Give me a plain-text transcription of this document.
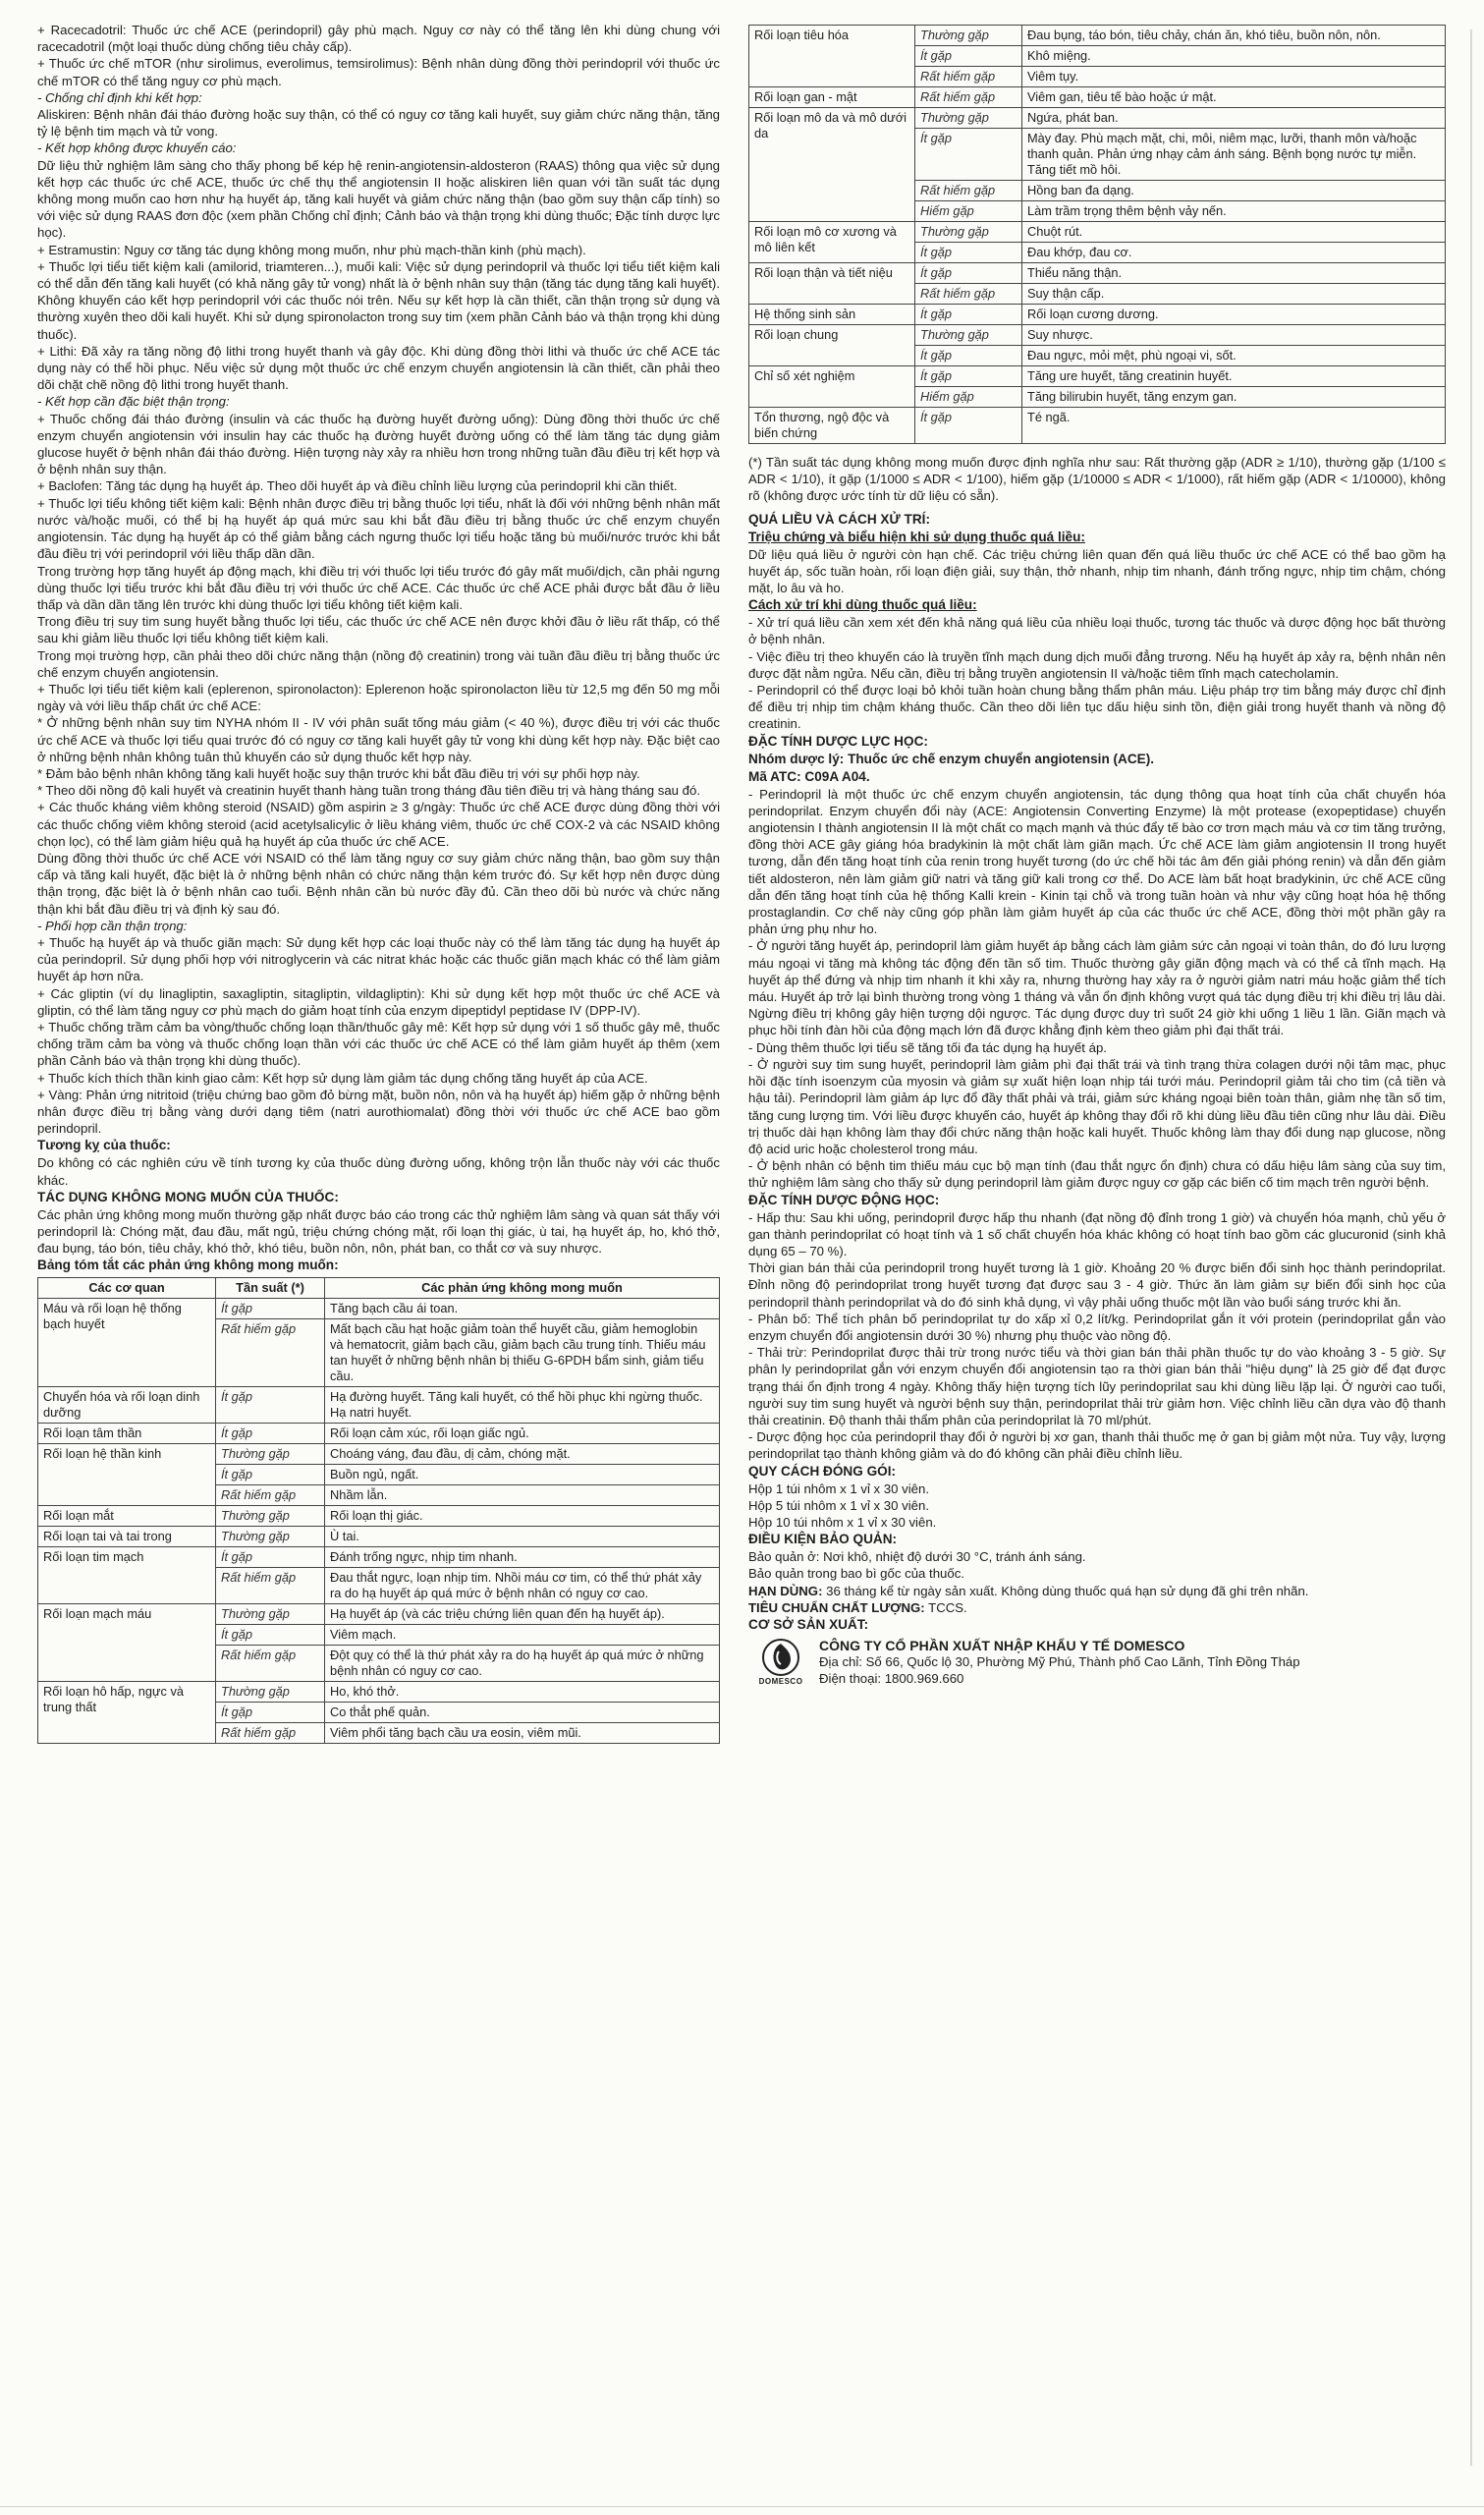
+ Racecadotril: Thuốc ức chế ACE (perindopril) gây phù mạch. Nguy cơ này có thể tăng lên khi dùng chung với racecadotril (một loại thuốc dùng chống tiêu chảy cấp).

+ Thuốc ức chế mTOR (như sirolimus, everolimus, temsirolimus): Bệnh nhân dùng đồng thời perindopril với thuốc ức chế mTOR có thể tăng nguy cơ phù mạch.

- Chống chỉ định khi kết hợp:

Aliskiren: Bệnh nhân đái tháo đường hoặc suy thận, có thể có nguy cơ tăng kali huyết, suy giảm chức năng thận, tăng tỷ lệ bệnh tim mạch và tử vong.

- Kết hợp không được khuyến cáo:

Dữ liệu thử nghiệm lâm sàng cho thấy phong bế kép hệ renin-angiotensin-aldosteron (RAAS) thông qua việc sử dụng kết hợp các thuốc ức chế ACE, thuốc ức chế thụ thể angiotensin II hoặc aliskiren liên quan với tần suất tác dụng không mong muốn cao hơn như hạ huyết áp, tăng kali huyết và giảm chức năng thận (bao gồm suy thận cấp tính) so với việc sử dụng RAAS đơn độc (xem phần Chống chỉ định; Cảnh báo và thận trọng khi dùng thuốc; Đặc tính dược lực học).

+ Estramustin: Nguy cơ tăng tác dụng không mong muốn, như phù mạch-thần kinh (phù mạch).

+ Thuốc lợi tiểu tiết kiệm kali (amilorid, triamteren...), muối kali: Việc sử dụng perindopril và thuốc lợi tiểu tiết kiệm kali có thể dẫn đến tăng kali huyết (có khả năng gây tử vong) nhất là ở bệnh nhân suy thận (tăng tác dụng tăng kali huyết). Không khuyến cáo kết hợp perindopril với các thuốc nói trên. Nếu sự kết hợp là cần thiết, cần thận trọng sử dụng và thường xuyên theo dõi kali huyết. Khi sử dụng spironolacton trong suy tim (xem phần Cảnh báo và thận trọng khi dùng thuốc).

+ Lithi: Đã xảy ra tăng nồng độ lithi trong huyết thanh và gây độc. Khi dùng đồng thời lithi và thuốc ức chế ACE tác dụng này có thể hồi phục. Nếu việc sử dụng một thuốc ức chế enzym chuyển angiotensin là cần thiết, cần phải theo dõi chặt chẽ nồng độ lithi trong huyết thanh.

- Kết hợp cần đặc biệt thận trọng:

+ Thuốc chống đái tháo đường (insulin và các thuốc hạ đường huyết đường uống): Dùng đồng thời thuốc ức chế enzym chuyển angiotensin với insulin hay các thuốc hạ đường huyết đường uống có thể làm tăng tác dụng giảm glucose huyết ở bệnh nhân đái tháo đường. Hiện tượng này xảy ra nhiều hơn trong những tuần đầu điều trị kết hợp và ở bệnh nhân suy thận.

+ Baclofen: Tăng tác dụng hạ huyết áp. Theo dõi huyết áp và điều chỉnh liều lượng của perindopril khi cần thiết.

+ Thuốc lợi tiểu không tiết kiệm kali: Bệnh nhân được điều trị bằng thuốc lợi tiểu, nhất là đối với những bệnh nhân mất nước và/hoặc muối, có thể bị hạ huyết áp quá mức sau khi bắt đầu điều trị bằng thuốc ức chế enzym chuyển angiotensin. Tác dụng hạ huyết áp có thể giảm bằng cách ngưng thuốc lợi tiểu hoặc tăng bù muối/nước trước khi bắt đầu điều trị với perindopril với liều thấp dần dần.

Trong trường hợp tăng huyết áp động mạch, khi điều trị với thuốc lợi tiểu trước đó gây mất muối/dịch, cần phải ngưng dùng thuốc lợi tiểu trước khi bắt đầu điều trị với thuốc ức chế ACE. Các thuốc ức chế ACE phải được bắt đầu ở liều thấp và dần dần tăng lên trước khi dùng thuốc lợi tiểu không tiết kiệm kali.

Trong điều trị suy tim sung huyết bằng thuốc lợi tiểu, các thuốc ức chế ACE nên được khởi đầu ở liều rất thấp, có thể sau khi giảm liều thuốc lợi tiểu không tiết kiệm kali.

Trong mọi trường hợp, cần phải theo dõi chức năng thận (nồng độ creatinin) trong vài tuần đầu điều trị bằng thuốc ức chế enzym chuyển angiotensin.

+ Thuốc lợi tiểu tiết kiệm kali (eplerenon, spironolacton): Eplerenon hoặc spironolacton liều từ 12,5 mg đến 50 mg mỗi ngày và với liều thấp chất ức chế ACE:

* Ở những bệnh nhân suy tim NYHA nhóm II - IV với phân suất tống máu giảm (< 40 %), được điều trị với các thuốc ức chế ACE và thuốc lợi tiểu quai trước đó có nguy cơ tăng kali huyết gây tử vong khi dùng kết hợp này. Đặc biệt cao ở những bệnh nhân không tuân thủ khuyến cáo sử dụng thuốc kết hợp này.

* Đảm bảo bệnh nhân không tăng kali huyết hoặc suy thận trước khi bắt đầu điều trị với sự phối hợp này.

* Theo dõi nồng độ kali huyết và creatinin huyết thanh hàng tuần trong tháng đầu tiên điều trị và hàng tháng sau đó.

+ Các thuốc kháng viêm không steroid (NSAID) gồm aspirin ≥ 3 g/ngày: Thuốc ức chế ACE được dùng đồng thời với các thuốc chống viêm không steroid (acid acetylsalicylic ở liều kháng viêm, thuốc ức chế COX-2 và các NSAID không chọn lọc), có thể làm giảm hiệu quả hạ huyết áp của thuốc ức chế ACE.

Dùng đồng thời thuốc ức chế ACE với NSAID có thể làm tăng nguy cơ suy giảm chức năng thận, bao gồm suy thận cấp và tăng kali huyết, đặc biệt là ở những bệnh nhân có chức năng thận kém trước đó. Sự kết hợp nên được dùng thận trọng, đặc biệt là ở bệnh nhân cao tuổi. Bệnh nhân cần bù nước đầy đủ. Cần theo dõi bù nước và chức năng thận khi bắt đầu điều trị và định kỳ sau đó.

- Phối hợp cần thận trọng:

+ Thuốc hạ huyết áp và thuốc giãn mạch: Sử dụng kết hợp các loại thuốc này có thể làm tăng tác dụng hạ huyết áp của perindopril. Sử dụng phối hợp với nitroglycerin và các nitrat khác hoặc các thuốc giãn mạch khác có thể làm giảm huyết áp hơn nữa.

+ Các gliptin (ví dụ linagliptin, saxagliptin, sitagliptin, vildagliptin): Khi sử dụng kết hợp một thuốc ức chế ACE và gliptin, có thể làm tăng nguy cơ phù mạch do giảm hoạt tính của enzym dipeptidyl peptidase IV (DPP-IV).

+ Thuốc chống trầm cảm ba vòng/thuốc chống loạn thần/thuốc gây mê: Kết hợp sử dụng với 1 số thuốc gây mê, thuốc chống trầm cảm ba vòng và thuốc chống loạn thần với các thuốc ức chế ACE có thể làm giảm huyết áp thêm (xem phần Cảnh báo và thận trọng khi dùng thuốc).

+ Thuốc kích thích thần kinh giao cảm: Kết hợp sử dụng làm giảm tác dụng chống tăng huyết áp của ACE.

+ Vàng: Phản ứng nitritoid (triệu chứng bao gồm đỏ bừng mặt, buồn nôn, nôn và hạ huyết áp) hiếm gặp ở những bệnh nhân được điều trị bằng vàng dưới dạng tiêm (natri aurothiomalat) đồng thời với thuốc ức chế ACE bao gồm perindopril.

Tương kỵ của thuốc:

Do không có các nghiên cứu về tính tương kỵ của thuốc dùng đường uống, không trộn lẫn thuốc này với các thuốc khác.

TÁC DỤNG KHÔNG MONG MUỐN CỦA THUỐC:

Các phản ứng không mong muốn thường gặp nhất được báo cáo trong các thử nghiệm lâm sàng và quan sát thấy với perindopril là: Chóng mặt, đau đầu, mất ngủ, triệu chứng chóng mặt, rối loạn thị giác, ù tai, hạ huyết áp, ho, khó thở, đau bụng, táo bón, tiêu chảy, khó thở, khó tiêu, buồn nôn, nôn, phát ban, co thắt cơ và suy nhược.

Bảng tóm tắt các phản ứng không mong muốn:

Các cơ quan	Tần suất (*)	Các phản ứng không mong muốn
Máu và rối loạn hệ thống bạch huyết	Ít gặp	Tăng bạch cầu ái toan.
	Rất hiếm gặp	Mất bạch cầu hạt hoặc giảm toàn thể huyết cầu, giảm hemoglobin và hematocrit, giảm bạch cầu, giảm bạch cầu trung tính. Thiếu máu tan huyết ở những bệnh nhân bị thiếu G-6PDH bẩm sinh, giảm tiểu cầu.
Chuyển hóa và rối loạn dinh dưỡng	Ít gặp	Hạ đường huyết. Tăng kali huyết, có thể hồi phục khi ngừng thuốc. Hạ natri huyết.
Rối loạn tâm thần	Ít gặp	Rối loạn cảm xúc, rối loạn giấc ngủ.
Rối loạn hệ thần kinh	Thường gặp	Choáng váng, đau đầu, dị cảm, chóng mặt.
	Ít gặp	Buồn ngủ, ngất.
	Rất hiếm gặp	Nhầm lẫn.
Rối loạn mắt	Thường gặp	Rối loạn thị giác.
Rối loạn tai và tai trong	Thường gặp	Ù tai.
Rối loạn tim mạch	Ít gặp	Đánh trống ngực, nhịp tim nhanh.
	Rất hiếm gặp	Đau thắt ngực, loạn nhịp tim. Nhồi máu cơ tim, có thể thứ phát xảy ra do hạ huyết áp quá mức ở bệnh nhân có nguy cơ cao.
Rối loạn mạch máu	Thường gặp	Hạ huyết áp (và các triệu chứng liên quan đến hạ huyết áp).
	Ít gặp	Viêm mạch.
	Rất hiếm gặp	Đột quỵ có thể là thứ phát xảy ra do hạ huyết áp quá mức ở những bệnh nhân có nguy cơ cao.
Rối loạn hô hấp, ngực và trung thất	Thường gặp	Ho, khó thở.
	Ít gặp	Co thắt phế quản.
	Rất hiếm gặp	Viêm phổi tăng bạch cầu ưa eosin, viêm mũi.
Rối loạn tiêu hóa	Thường gặp	Đau bụng, táo bón, tiêu chảy, chán ăn, khó tiêu, buồn nôn, nôn.
	Ít gặp	Khô miệng.
	Rất hiếm gặp	Viêm tụy.
Rối loạn gan - mật	Rất hiếm gặp	Viêm gan, tiêu tế bào hoặc ứ mật.
Rối loạn mô da và mô dưới da	Thường gặp	Ngứa, phát ban.
	Ít gặp	Mày đay. Phù mạch mặt, chi, môi, niêm mạc, lưỡi, thanh môn và/hoặc thanh quản. Phản ứng nhạy cảm ánh sáng. Bệnh bọng nước tự miễn. Tăng tiết mồ hôi.
	Rất hiếm gặp	Hồng ban đa dạng.
	Hiếm gặp	Làm trầm trọng thêm bệnh vảy nến.
Rối loạn mô cơ xương và mô liên kết	Thường gặp	Chuột rút.
	Ít gặp	Đau khớp, đau cơ.
Rối loạn thận và tiết niệu	Ít gặp	Thiểu năng thận.
	Rất hiếm gặp	Suy thận cấp.
Hệ thống sinh sản	Ít gặp	Rối loạn cương dương.
Rối loạn chung	Thường gặp	Suy nhược.
	Ít gặp	Đau ngực, mỏi mệt, phù ngoại vi, sốt.
Chỉ số xét nghiệm	Ít gặp	Tăng ure huyết, tăng creatinin huyết.
	Hiếm gặp	Tăng bilirubin huyết, tăng enzym gan.
Tổn thương, ngộ độc và biến chứng	Ít gặp	Té ngã.

(*) Tần suất tác dụng không mong muốn được định nghĩa như sau: Rất thường gặp (ADR ≥ 1/10), thường gặp (1/100 ≤ ADR < 1/10), ít gặp (1/1000 ≤ ADR < 1/100), hiếm gặp (1/10000 ≤ ADR < 1/1000), rất hiếm gặp (ADR < 1/10000), không rõ (không được ước tính từ dữ liệu có sẵn).

QUÁ LIỀU VÀ CÁCH XỬ TRÍ:

Triệu chứng và biểu hiện khi sử dụng thuốc quá liều:

Dữ liệu quá liều ở người còn hạn chế. Các triệu chứng liên quan đến quá liều thuốc ức chế ACE có thể bao gồm hạ huyết áp, sốc tuần hoàn, rối loạn điện giải, suy thận, thở nhanh, nhịp tim nhanh, đánh trống ngực, nhịp tim chậm, chóng mặt, lo âu và ho.

Cách xử trí khi dùng thuốc quá liều:

- Xử trí quá liều cần xem xét đến khả năng quá liều của nhiều loại thuốc, tương tác thuốc và dược động học bất thường ở bệnh nhân.

- Việc điều trị theo khuyến cáo là truyền tĩnh mạch dung dịch muối đẳng trương. Nếu hạ huyết áp xảy ra, bệnh nhân nên được đặt nằm ngửa. Nếu cần, điều trị bằng truyền angiotensin II và/hoặc tiêm tĩnh mạch catecholamin.

- Perindopril có thể được loại bỏ khỏi tuần hoàn chung bằng thẩm phân máu. Liệu pháp trợ tim bằng máy được chỉ định để điều trị nhịp tim chậm kháng thuốc. Cần theo dõi liên tục dấu hiệu sinh tồn, điện giải trong huyết thanh và nồng độ creatinin.

ĐẶC TÍNH DƯỢC LỰC HỌC:

Nhóm dược lý: Thuốc ức chế enzym chuyển angiotensin (ACE).

Mã ATC: C09A A04.

- Perindopril là một thuốc ức chế enzym chuyển angiotensin, tác dụng thông qua hoạt tính của chất chuyển hóa perindoprilat. Enzym chuyển đổi này (ACE: Angiotensin Converting Enzyme) là một protease (exopeptidase) chuyển angiotensin I thành angiotensin II là một chất co mạch mạnh và thúc đẩy tế bào cơ trơn mạch máu và cơ tim tăng trưởng, đồng thời ACE gây giáng hóa bradykinin là một chất làm giãn mạch. Ức chế ACE làm giảm angiotensin II trong huyết tương, dẫn đến tăng hoạt tính của renin trong huyết tương (do ức chế hồi tác âm đến giải phóng renin) và dẫn đến giảm tiết aldosteron, nên làm giảm giữ natri và tăng giữ kali trong cơ thể. Do ACE làm bất hoạt bradykinin, ức chế ACE cũng dẫn đến tăng hoạt tính của hệ thống Kalli krein - Kinin tại chỗ và trong tuần hoàn và như vậy cũng hoạt hóa hệ thống prostaglandin. Cơ chế này cũng góp phần làm giảm huyết áp của các thuốc ức chế ACE, đồng thời một phần gây ra phản ứng phụ như ho.

- Ở người tăng huyết áp, perindopril làm giảm huyết áp bằng cách làm giảm sức cản ngoại vi toàn thân, do đó lưu lượng máu ngoại vi tăng mà không tác động đến tần số tim. Thuốc thường gây giãn động mạch và có thể cả tĩnh mạch. Hạ huyết áp thể đứng và nhịp tim nhanh ít khi xảy ra, nhưng thường hay xảy ra ở người giảm natri máu hoặc giảm thể tích máu. Huyết áp trở lại bình thường trong vòng 1 tháng và vẫn ổn định không vượt quá tác dụng điều trị khi điều trị lâu dài. Ngừng điều trị không gây hiện tượng dội ngược. Tác dụng được duy trì suốt 24 giờ khi uống 1 liều 1 lần. Giãn mạch và phục hồi tính đàn hồi của động mạch lớn đã được khẳng định kèm theo giảm phì đại thất trái.

- Dùng thêm thuốc lợi tiểu sẽ tăng tối đa tác dụng hạ huyết áp.

- Ở người suy tim sung huyết, perindopril làm giảm phì đại thất trái và tình trạng thừa colagen dưới nội tâm mạc, phục hồi đặc tính isoenzym của myosin và giảm sự xuất hiện loạn nhịp tái tưới máu. Perindopril giảm tải cho tim (cả tiền và hậu tải). Perindopril làm giảm áp lực đổ đầy thất phải và trái, giảm sức kháng ngoại biên toàn thân, giảm nhẹ tần số tim, tăng cung lượng tim. Với liều được khuyến cáo, huyết áp không thay đổi rõ khi dùng liều đầu tiên cũng như lâu dài. Điều trị thuốc dài hạn không làm thay đổi chức năng thận hoặc kali huyết. Thuốc không làm thay đổi dung nạp glucose, nồng độ acid uric hoặc cholesterol trong máu.

- Ở bệnh nhân có bệnh tim thiếu máu cục bộ mạn tính (đau thắt ngực ổn định) chưa có dấu hiệu lâm sàng của suy tim, thử nghiệm lâm sàng cho thấy sử dụng perindopril làm giảm được nguy cơ gặp các biến cố tim mạch trên người bệnh.

ĐẶC TÍNH DƯỢC ĐỘNG HỌC:

- Hấp thu: Sau khi uống, perindopril được hấp thu nhanh (đạt nồng độ đỉnh trong 1 giờ) và chuyển hóa mạnh, chủ yếu ở gan thành perindoprilat có hoạt tính và 1 số chất chuyển hóa khác không có hoạt tính bao gồm các glucuronid (sinh khả dụng 65 – 70 %).

Thời gian bán thải của perindopril trong huyết tương là 1 giờ. Khoảng 20 % được biến đổi sinh học thành perindoprilat. Đỉnh nồng độ perindoprilat trong huyết tương đạt được sau 3 - 4 giờ. Thức ăn làm giảm sự biến đổi sinh học của perindopril thành perindoprilat và do đó sinh khả dụng, vì vậy phải uống thuốc một lần vào buổi sáng trước khi ăn.

- Phân bố: Thể tích phân bố perindoprilat tự do xấp xỉ 0,2 lít/kg. Perindoprilat gắn ít với protein (perindoprilat gắn vào enzym chuyển đổi angiotensin dưới 30 %) nhưng phụ thuộc vào nồng độ.

- Thải trừ: Perindoprilat được thải trừ trong nước tiểu và thời gian bán thải phần thuốc tự do vào khoảng 3 - 5 giờ. Sự phân ly perindoprilat gắn với enzym chuyển đổi angiotensin tạo ra thời gian bán thải "hiệu dụng" là 25 giờ để đạt được trạng thái ổn định trong 4 ngày. Không thấy hiện tượng tích lũy perindoprilat sau khi dùng liều lặp lại. Ở người cao tuổi, người suy tim sung huyết và người bệnh suy thận, perindoprilat thải trừ giảm hơn. Việc chỉnh liều cần dựa vào độ thanh thải creatinin. Độ thanh thải thẩm phân của perindoprilat là 70 ml/phút.

- Dược động học của perindopril thay đổi ở người bị xơ gan, thanh thải thuốc mẹ ở gan bị giảm một nửa. Tuy vậy, lượng perindoprilat tạo thành không giảm và do đó không cần phải điều chỉnh liều.

QUY CÁCH ĐÓNG GÓI:

Hộp 1 túi nhôm x 1 vỉ x 30 viên.

Hộp 5 túi nhôm x 1 vỉ x 30 viên.

Hộp 10 túi nhôm x 1 vỉ x 30 viên.

ĐIỀU KIỆN BẢO QUẢN:

Bảo quản ở: Nơi khô, nhiệt độ dưới 30 °C, tránh ánh sáng.

Bảo quản trong bao bì gốc của thuốc.

HẠN DÙNG: 36 tháng kể từ ngày sản xuất. Không dùng thuốc quá hạn sử dụng đã ghi trên nhãn.

TIÊU CHUẨN CHẤT LƯỢNG: TCCS.

CƠ SỞ SẢN XUẤT:

DOMESCO
CÔNG TY CỔ PHẦN XUẤT NHẬP KHẨU Y TẾ DOMESCO
Địa chỉ: Số 66, Quốc lộ 30, Phường Mỹ Phú, Thành phố Cao Lãnh, Tỉnh Đồng Tháp
Điện thoại: 1800.969.660
